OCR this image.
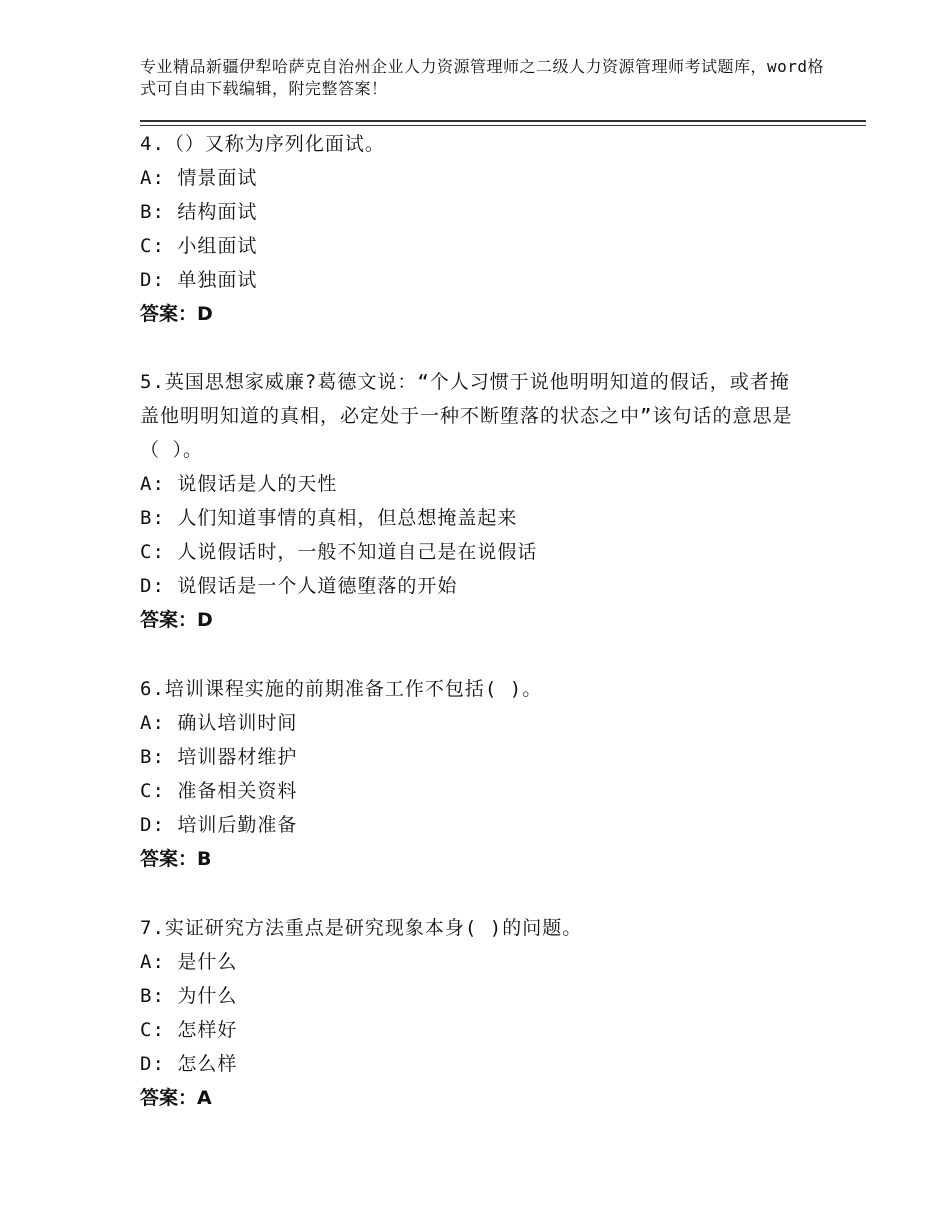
专业精品新疆伊犁哈萨克自治州企业人力资源管理师之二级人力资源管理师考试题库，word格式可自由下载编辑，附完整答案！

4.（）又称为序列化面试。

A: 情景面试

B: 结构面试

C: 小组面试

D: 单独面试

答案：D

5.英国思想家威廉?葛德文说：“个人习惯于说他明明知道的假话，或者掩盖他明明知道的真相，必定处于一种不断堕落的状态之中”该句话的意思是（ ）。

A: 说假话是人的天性

B: 人们知道事情的真相，但总想掩盖起来

C: 人说假话时，一般不知道自己是在说假话

D: 说假话是一个人道德堕落的开始

答案：D

6.培训课程实施的前期准备工作不包括( )。

A: 确认培训时间

B: 培训器材维护

C: 准备相关资料

D: 培训后勤准备

答案：B

7.实证研究方法重点是研究现象本身( )的问题。

A: 是什么

B: 为什么

C: 怎样好

D: 怎么样

答案：A
